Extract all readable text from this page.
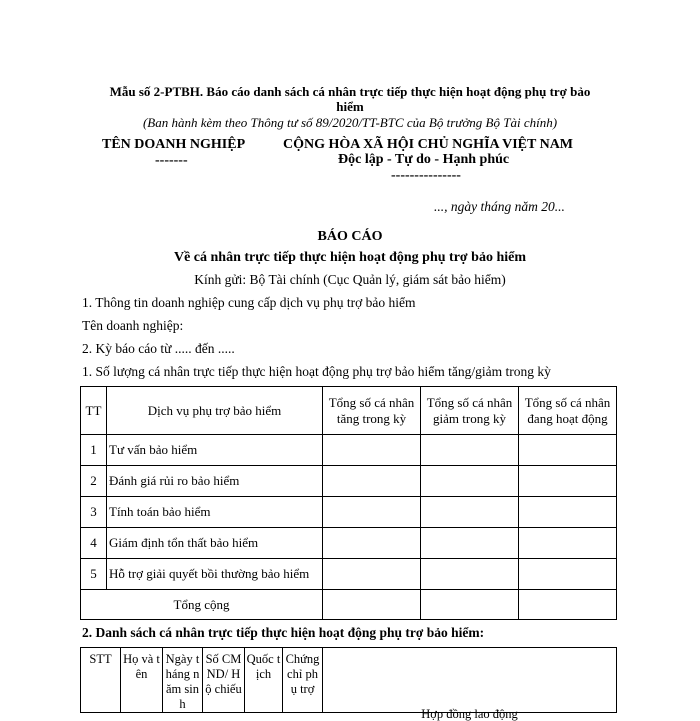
Mẫu số 2-PTBH. Báo cáo danh sách cá nhân trực tiếp thực hiện hoạt động phụ trợ bảo
hiểm
(Ban hành kèm theo Thông tư số 89/2020/TT-BTC của Bộ trưởng Bộ Tài chính)
TÊN DOANH NGHIỆP
-------
CỘNG HÒA XÃ HỘI CHỦ NGHĨA VIỆT NAM
Độc lập - Tự do - Hạnh phúc
---------------
..., ngày tháng năm 20...
BÁO CÁO
Về cá nhân trực tiếp thực hiện hoạt động phụ trợ bảo hiểm
Kính gửi: Bộ Tài chính (Cục Quản lý, giám sát bảo hiểm)
1. Thông tin doanh nghiệp cung cấp dịch vụ phụ trợ bảo hiểm
Tên doanh nghiệp:
2. Kỳ báo cáo từ ..... đến .....
1. Số lượng cá nhân trực tiếp thực hiện hoạt động phụ trợ bảo hiểm tăng/giảm trong kỳ
TT	Dịch vụ phụ trợ bảo hiểm	Tổng số cá nhân tăng trong kỳ	Tổng số cá nhân giảm trong kỳ	Tổng số cá nhân đang hoạt động
1	Tư vấn bảo hiểm			
2	Đánh giá rủi ro bảo hiểm			
3	Tính toán bảo hiểm			
4	Giám định tổn thất bảo hiểm			
5	Hỗ trợ giải quyết bồi thường bảo hiểm			
Tổng cộng				
2. Danh sách cá nhân trực tiếp thực hiện hoạt động phụ trợ bảo hiểm:
STT	Họ và tên	Ngày tháng năm sinh	Số CMND/ Hộ chiếu	Quốc tịch	Chứng chỉ phụ trợ	Hợp đồng lao động
